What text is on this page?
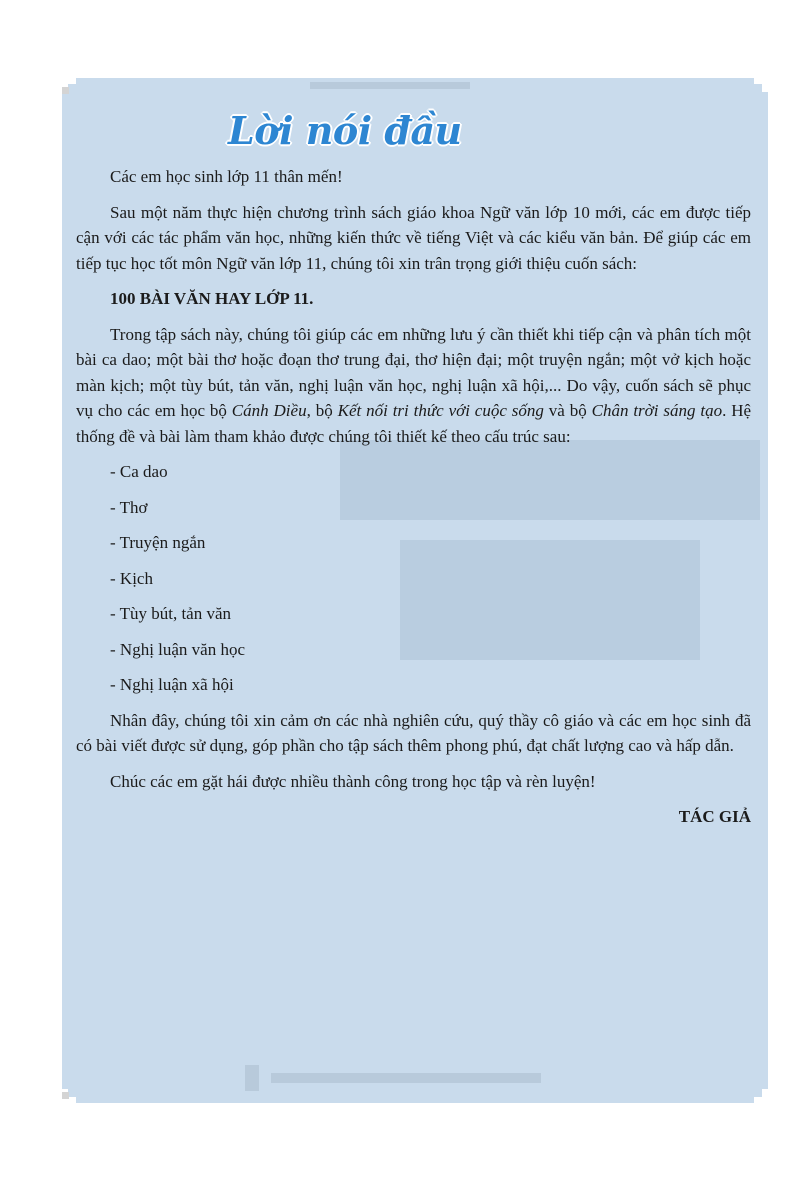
Lời nói đầu

Các em học sinh lớp 11 thân mến!

Sau một năm thực hiện chương trình sách giáo khoa Ngữ văn lớp 10 mới, các em được tiếp cận với các tác phẩm văn học, những kiến thức về tiếng Việt và các kiểu văn bản. Để giúp các em tiếp tục học tốt môn Ngữ văn lớp 11, chúng tôi xin trân trọng giới thiệu cuốn sách:

100 BÀI VĂN HAY LỚP 11.

Trong tập sách này, chúng tôi giúp các em những lưu ý cần thiết khi tiếp cận và phân tích một bài ca dao; một bài thơ hoặc đoạn thơ trung đại, thơ hiện đại; một truyện ngắn; một vở kịch hoặc màn kịch; một tùy bút, tản văn, nghị luận văn học, nghị luận xã hội,... Do vậy, cuốn sách sẽ phục vụ cho các em học bộ Cánh Diều, bộ Kết nối tri thức với cuộc sống và bộ Chân trời sáng tạo. Hệ thống đề và bài làm tham khảo được chúng tôi thiết kế theo cấu trúc sau:

- Ca dao
- Thơ
- Truyện ngắn
- Kịch
- Tùy bút, tản văn
- Nghị luận văn học
- Nghị luận xã hội

Nhân đây, chúng tôi xin cảm ơn các nhà nghiên cứu, quý thầy cô giáo và các em học sinh đã có bài viết được sử dụng, góp phần cho tập sách thêm phong phú, đạt chất lượng cao và hấp dẫn.

Chúc các em gặt hái được nhiều thành công trong học tập và rèn luyện!

TÁC GIẢ
